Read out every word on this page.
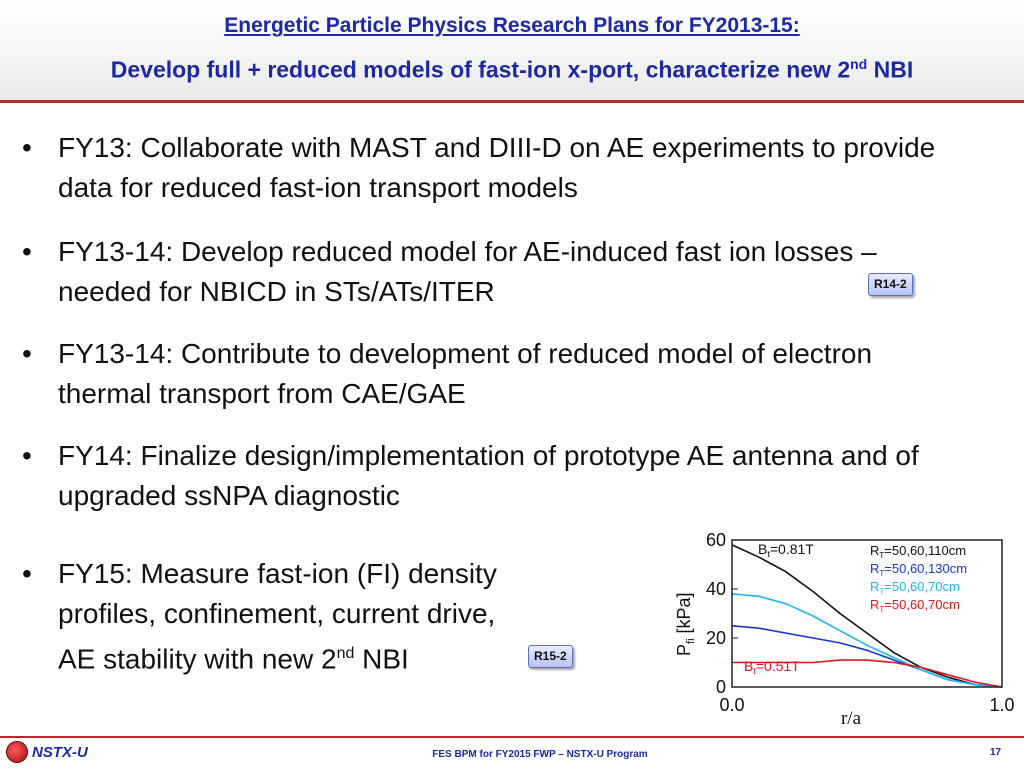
Energetic Particle Physics Research Plans for FY2013-15:
Develop full + reduced models of fast-ion x-port, characterize new 2nd NBI
• FY13: Collaborate with MAST and DIII-D on AE experiments to provide data for reduced fast-ion transport models
• FY13-14: Develop reduced model for AE-induced fast ion losses – needed for NBICD in STs/ATs/ITER
• FY13-14: Contribute to development of reduced model of electron thermal transport from CAE/GAE
• FY14: Finalize design/implementation of prototype AE antenna and of upgraded ssNPA diagnostic
• FY15: Measure fast-ion (FI) density
profiles, confinement, current drive,
AE stability with new 2nd NBI
R14-2
R15-2
0
20
40
60
0.0	1.0
$P_{fi}$ [kPa]
r/a
$B_t=0.81T$
$B_t=0.51T$
$R_T=50,60,110cm$
$R_T=50,60,130cm$
$R_T=50,60,70cm$
$R_T=50,60,70cm$
NSTX-U	FES BPM for FY2015 FWP – NSTX-U Program	17
